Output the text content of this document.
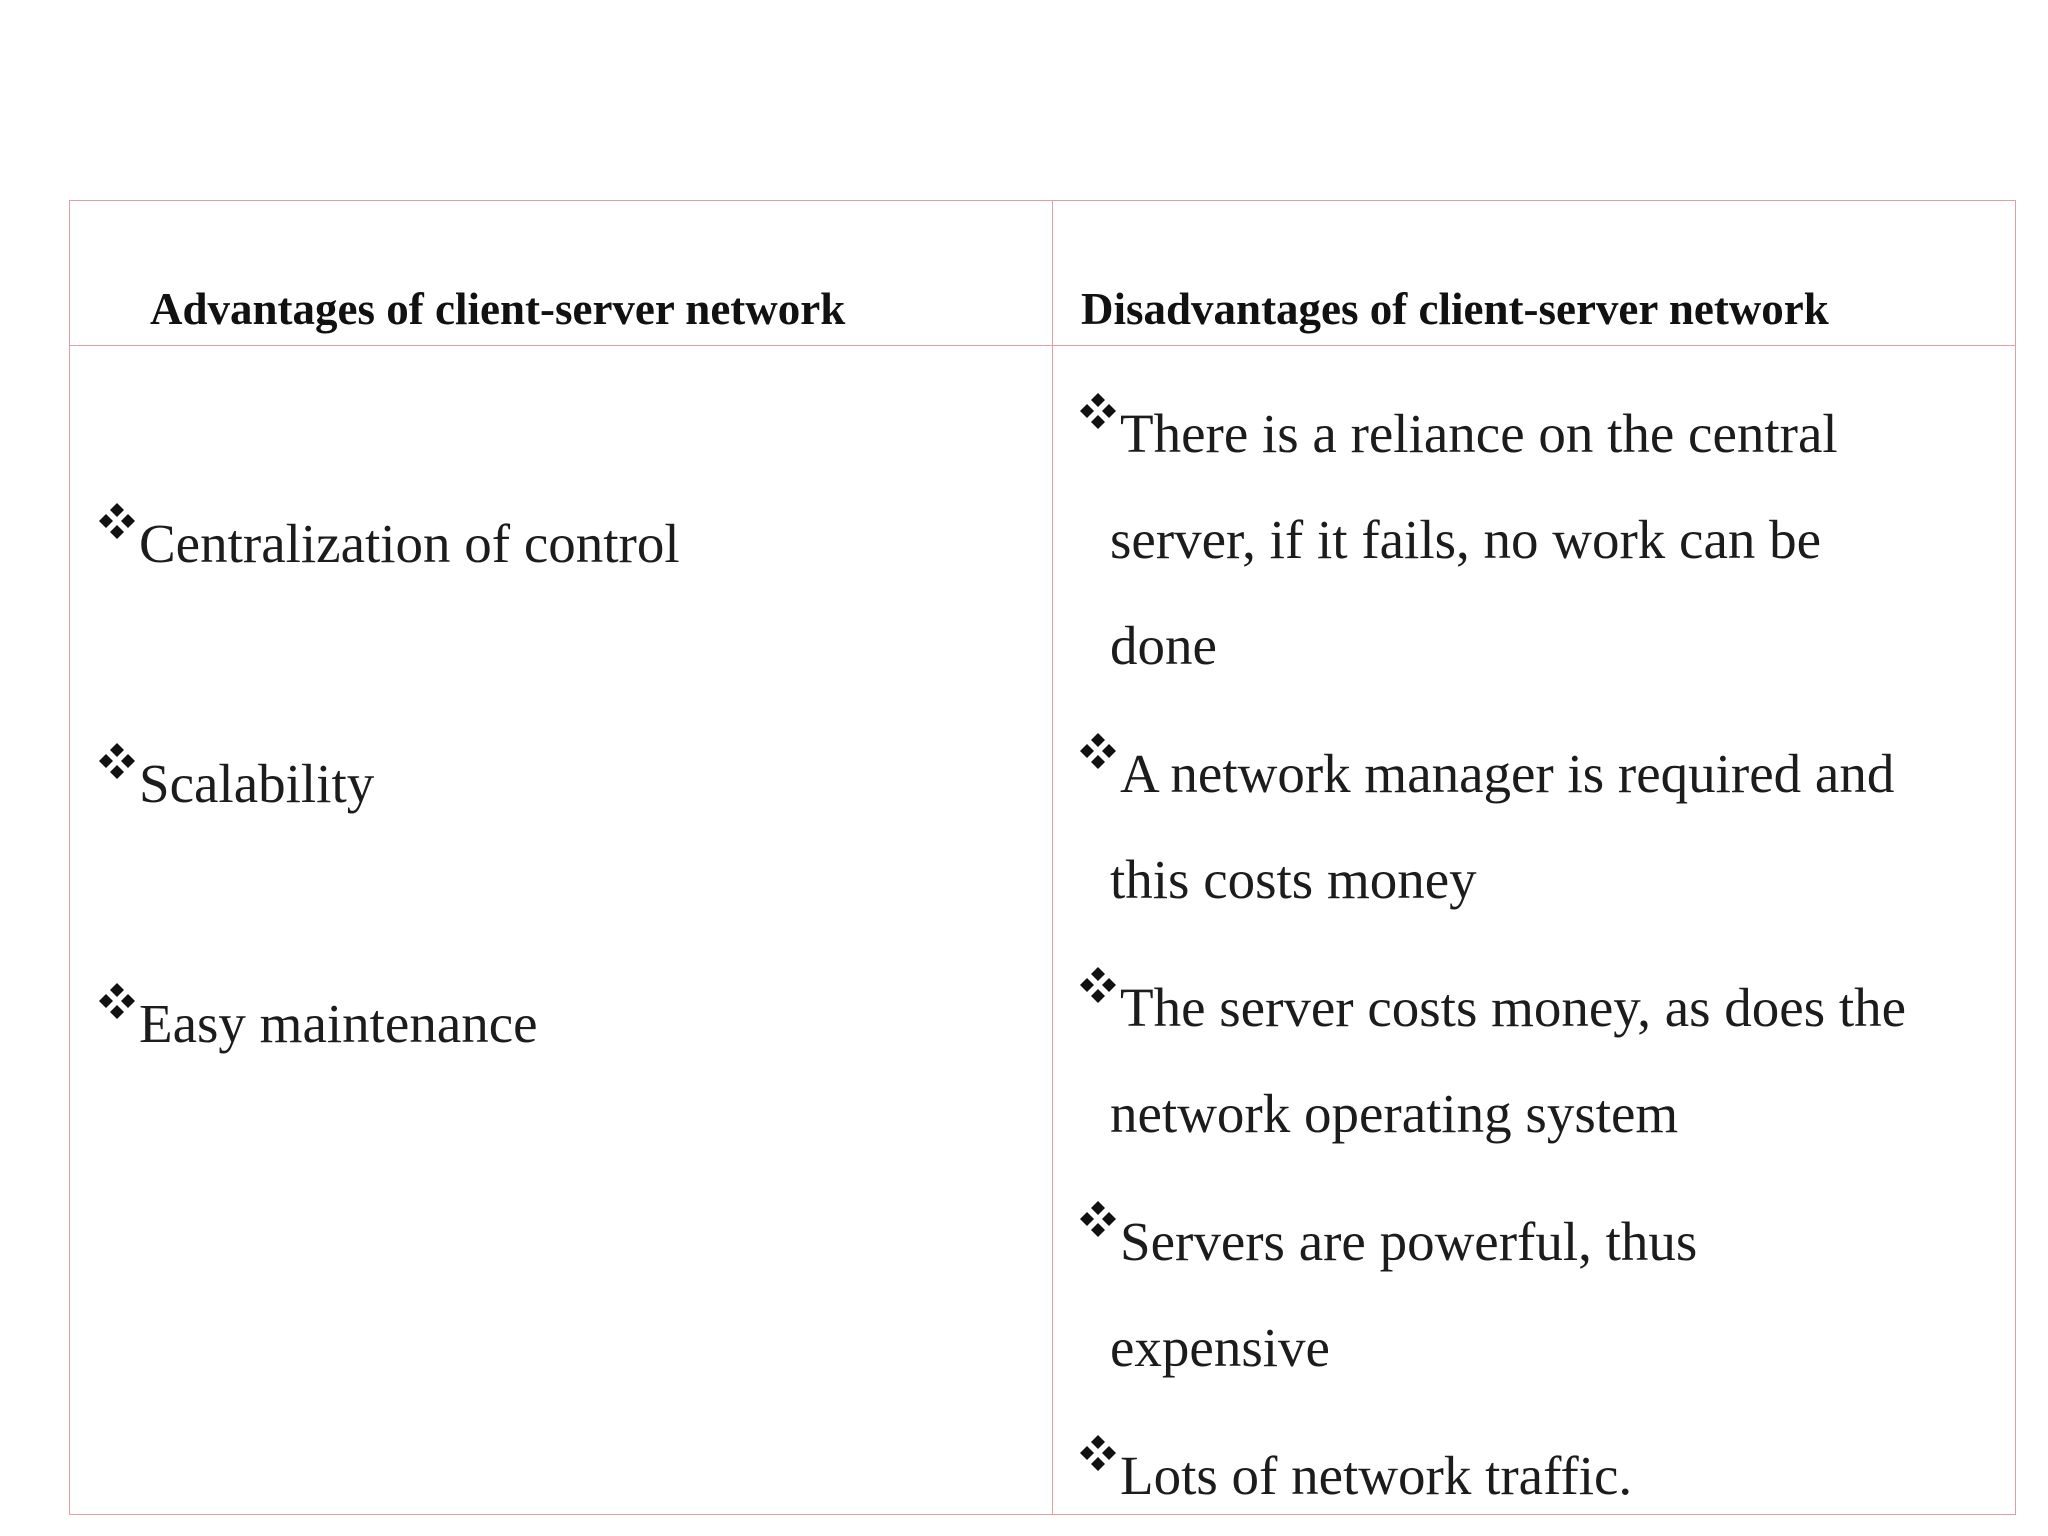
Advantages of client-server network	Disadvantages of client-server network
Centralization of control
Scalability
Easy maintenance
There is a reliance on the central
server, if it fails, no work can be
done
A network manager is required and
this costs money
The server costs money, as does the
network operating system
Servers are powerful, thus
expensive
Lots of network traffic.
